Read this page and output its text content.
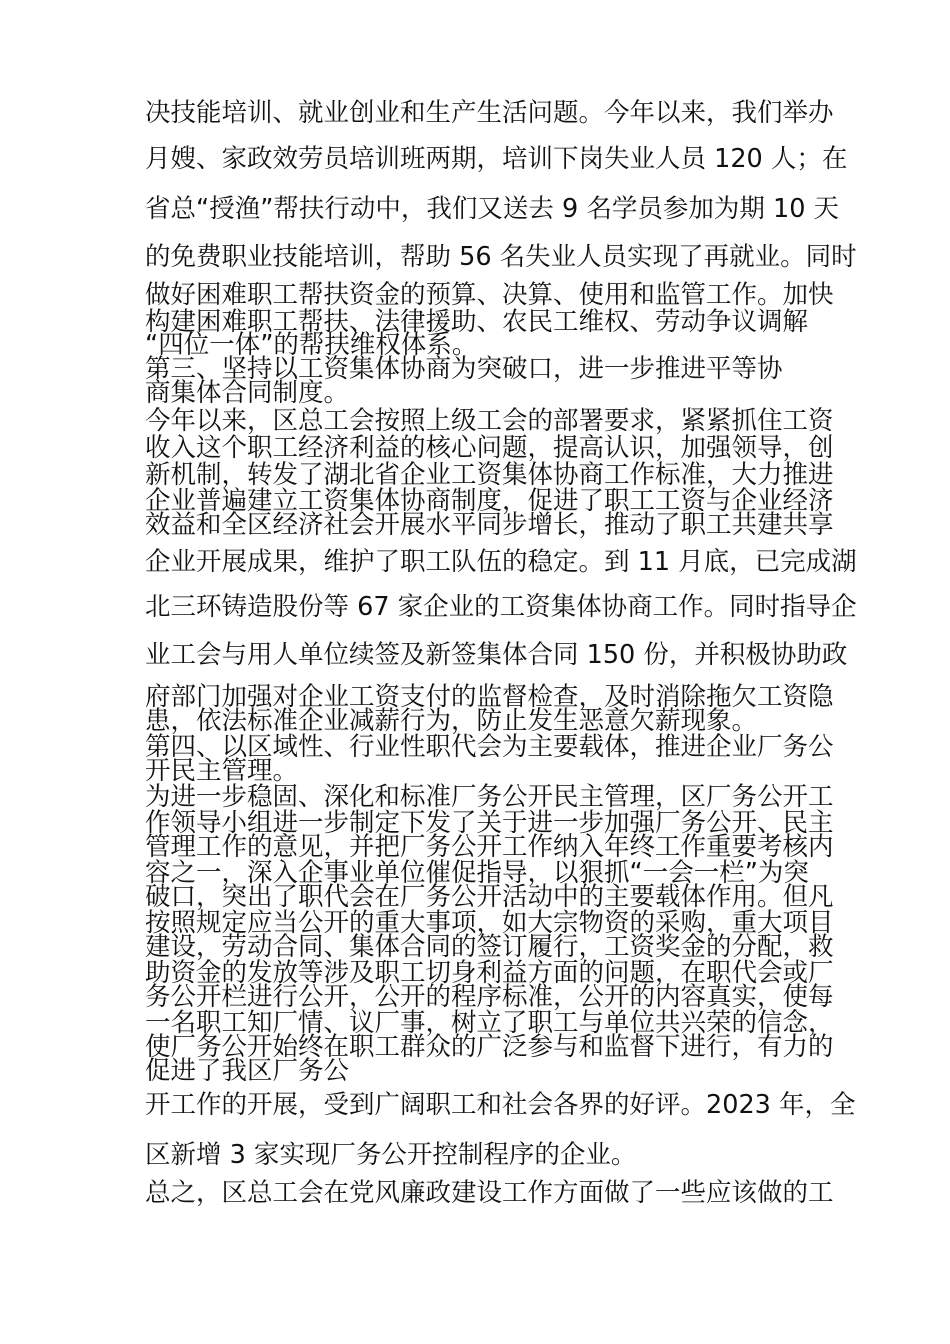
决技能培训、就业创业和生产生活问题。今年以来，我们举办
月嫂、家政效劳员培训班两期，培训下岗失业人员 120 人；在
省总“授渔”帮扶行动中，我们又送去 9 名学员参加为期 10 天
的免费职业技能培训，帮助 56 名失业人员实现了再就业。同时
做好困难职工帮扶资金的预算、决算、使用和监管工作。加快
构建困难职工帮扶、法律援助、农民工维权、劳动争议调解
“四位一体”的帮扶维权体系。
第三、坚持以工资集体协商为突破口，进一步推进平等协
商集体合同制度。
今年以来，区总工会按照上级工会的部署要求，紧紧抓住工资
收入这个职工经济利益的核心问题，提高认识，加强领导，创
新机制，转发了湖北省企业工资集体协商工作标准，大力推进
企业普遍建立工资集体协商制度，促进了职工工资与企业经济
效益和全区经济社会开展水平同步增长，推动了职工共建共享
企业开展成果，维护了职工队伍的稳定。到 11 月底，已完成湖
北三环铸造股份等 67 家企业的工资集体协商工作。同时指导企
业工会与用人单位续签及新签集体合同 150 份，并积极协助政
府部门加强对企业工资支付的监督检查，及时消除拖欠工资隐
患，依法标准企业减薪行为，防止发生恶意欠薪现象。
第四、以区域性、行业性职代会为主要载体，推进企业厂务公
开民主管理。
为进一步稳固、深化和标准厂务公开民主管理，区厂务公开工
作领导小组进一步制定下发了关于进一步加强厂务公开、民主
管理工作的意见，并把厂务公开工作纳入年终工作重要考核内
容之一，深入企事业单位催促指导，以狠抓“一会一栏”为突
破口，突出了职代会在厂务公开活动中的主要载体作用。但凡
按照规定应当公开的重大事项，如大宗物资的采购，重大项目
建设，劳动合同、集体合同的签订履行，工资奖金的分配，救
助资金的发放等涉及职工切身利益方面的问题，在职代会或厂
务公开栏进行公开，公开的程序标准，公开的内容真实，使每
一名职工知厂情、议厂事，树立了职工与单位共兴荣的信念，
使厂务公开始终在职工群众的广泛参与和监督下进行，有力的
促进了我区厂务公
开工作的开展，受到广阔职工和社会各界的好评。2023 年，全
区新增 3 家实现厂务公开控制程序的企业。
总之，区总工会在党风廉政建设工作方面做了一些应该做的工
